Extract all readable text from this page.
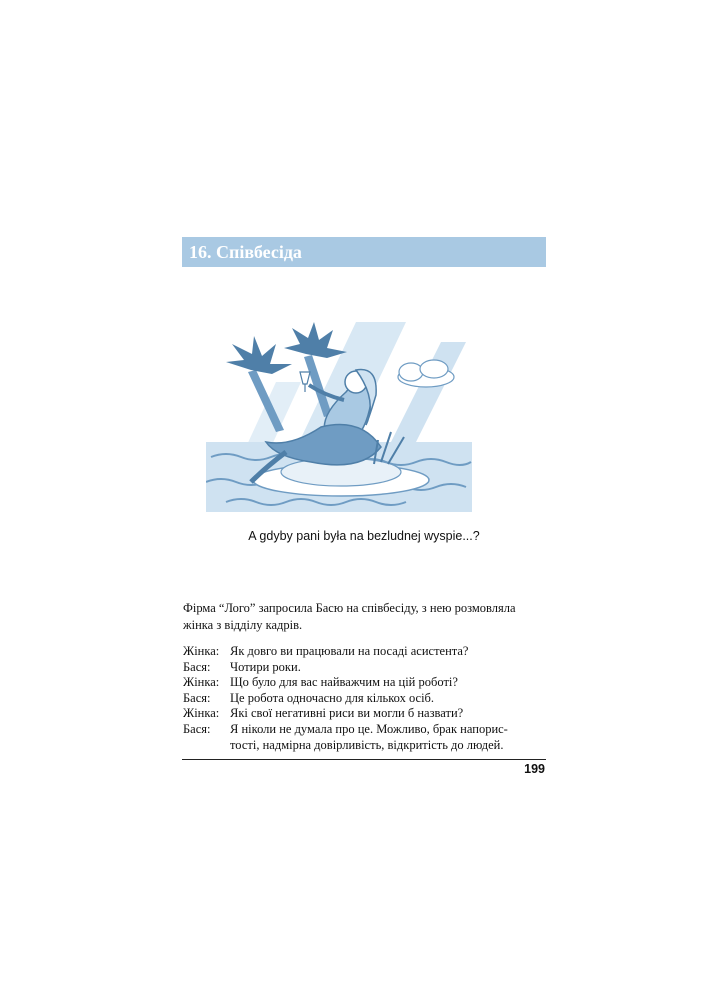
16. Співбесіда
A gdyby pani była na bezludnej wyspie...?
Фірма “Лого” запросила Басю на співбесіду, з нею розмовляла
жінка з відділу кадрів.
Жінка: Як довго ви працювали на посаді асистента?
Бася:	Чотири роки.
Жінка: Що було для вас найважчим на цій роботі?
Бася:	Це робота одночасно для кількох осіб.
Жінка: Які свої негативні риси ви могли б назвати?
Бася:	Я ніколи не думала про це. Можливо, брак напорис-
тості, надмірна довірливість, відкритість до людей.
199
